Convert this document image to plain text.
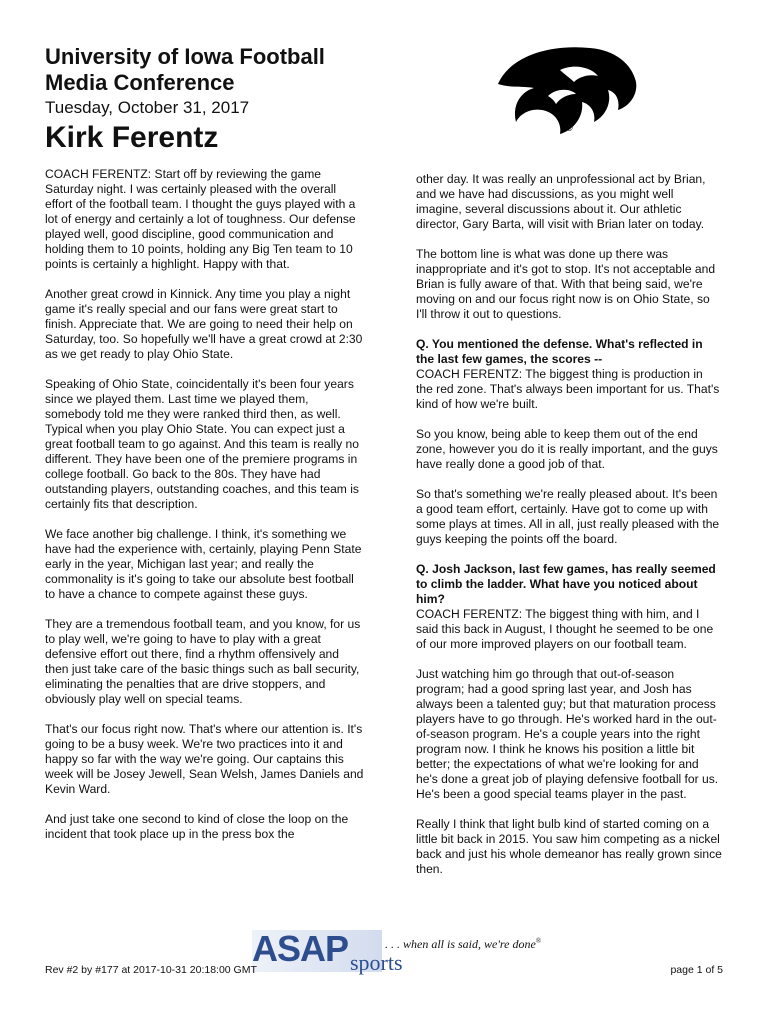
University of Iowa Football
Media Conference
Tuesday, October 31, 2017
Kirk Ferentz	®

COACH FERENTZ: Start off by reviewing the game Saturday night. I was certainly pleased with the overall effort of the football team. I thought the guys played with a lot of energy and certainly a lot of toughness. Our defense played well, good discipline, good communication and holding them to 10 points, holding any Big Ten team to 10 points is certainly a highlight. Happy with that.

Another great crowd in Kinnick. Any time you play a night game it's really special and our fans were great start to finish. Appreciate that. We are going to need their help on Saturday, too. So hopefully we'll have a great crowd at 2:30 as we get ready to play Ohio State.

Speaking of Ohio State, coincidentally it's been four years since we played them. Last time we played them, somebody told me they were ranked third then, as well. Typical when you play Ohio State. You can expect just a great football team to go against. And this team is really no different. They have been one of the premiere programs in college football. Go back to the 80s. They have had outstanding players, outstanding coaches, and this team is certainly fits that description.

We face another big challenge. I think, it's something we have had the experience with, certainly, playing Penn State early in the year, Michigan last year; and really the commonality is it's going to take our absolute best football to have a chance to compete against these guys.

They are a tremendous football team, and you know, for us to play well, we're going to have to play with a great defensive effort out there, find a rhythm offensively and then just take care of the basic things such as ball security, eliminating the penalties that are drive stoppers, and obviously play well on special teams.

That's our focus right now. That's where our attention is. It's going to be a busy week. We're two practices into it and happy so far with the way we're going. Our captains this week will be Josey Jewell, Sean Welsh, James Daniels and Kevin Ward.

And just take one second to kind of close the loop on the incident that took place up in the press box the

other day. It was really an unprofessional act by Brian, and we have had discussions, as you might well imagine, several discussions about it. Our athletic director, Gary Barta, will visit with Brian later on today.

The bottom line is what was done up there was inappropriate and it's got to stop. It's not acceptable and Brian is fully aware of that. With that being said, we're moving on and our focus right now is on Ohio State, so I'll throw it out to questions.

Q. You mentioned the defense. What's reflected in the last few games, the scores --

COACH FERENTZ: The biggest thing is production in the red zone. That's always been important for us. That's kind of how we're built.

So you know, being able to keep them out of the end zone, however you do it is really important, and the guys have really done a good job of that.

So that's something we're really pleased about. It's been a good team effort, certainly. Have got to come up with some plays at times. All in all, just really pleased with the guys keeping the points off the board.

Q. Josh Jackson, last few games, has really seemed to climb the ladder. What have you noticed about him?

COACH FERENTZ: The biggest thing with him, and I said this back in August, I thought he seemed to be one of our more improved players on our football team.

Just watching him go through that out-of-season program; had a good spring last year, and Josh has always been a talented guy; but that maturation process players have to go through. He's worked hard in the out-of-season program. He's a couple years into the right program now. I think he knows his position a little bit better; the expectations of what we're looking for and he's done a great job of playing defensive football for us. He's been a good special teams player in the past.

Really I think that light bulb kind of started coming on a little bit back in 2015. You saw him competing as a nickel back and just his whole demeanor has really grown since then.

ASAP sports
. . . when all is said, we're done®
Rev #2 by #177 at 2017-10-31 20:18:00 GMT	page 1 of 5
